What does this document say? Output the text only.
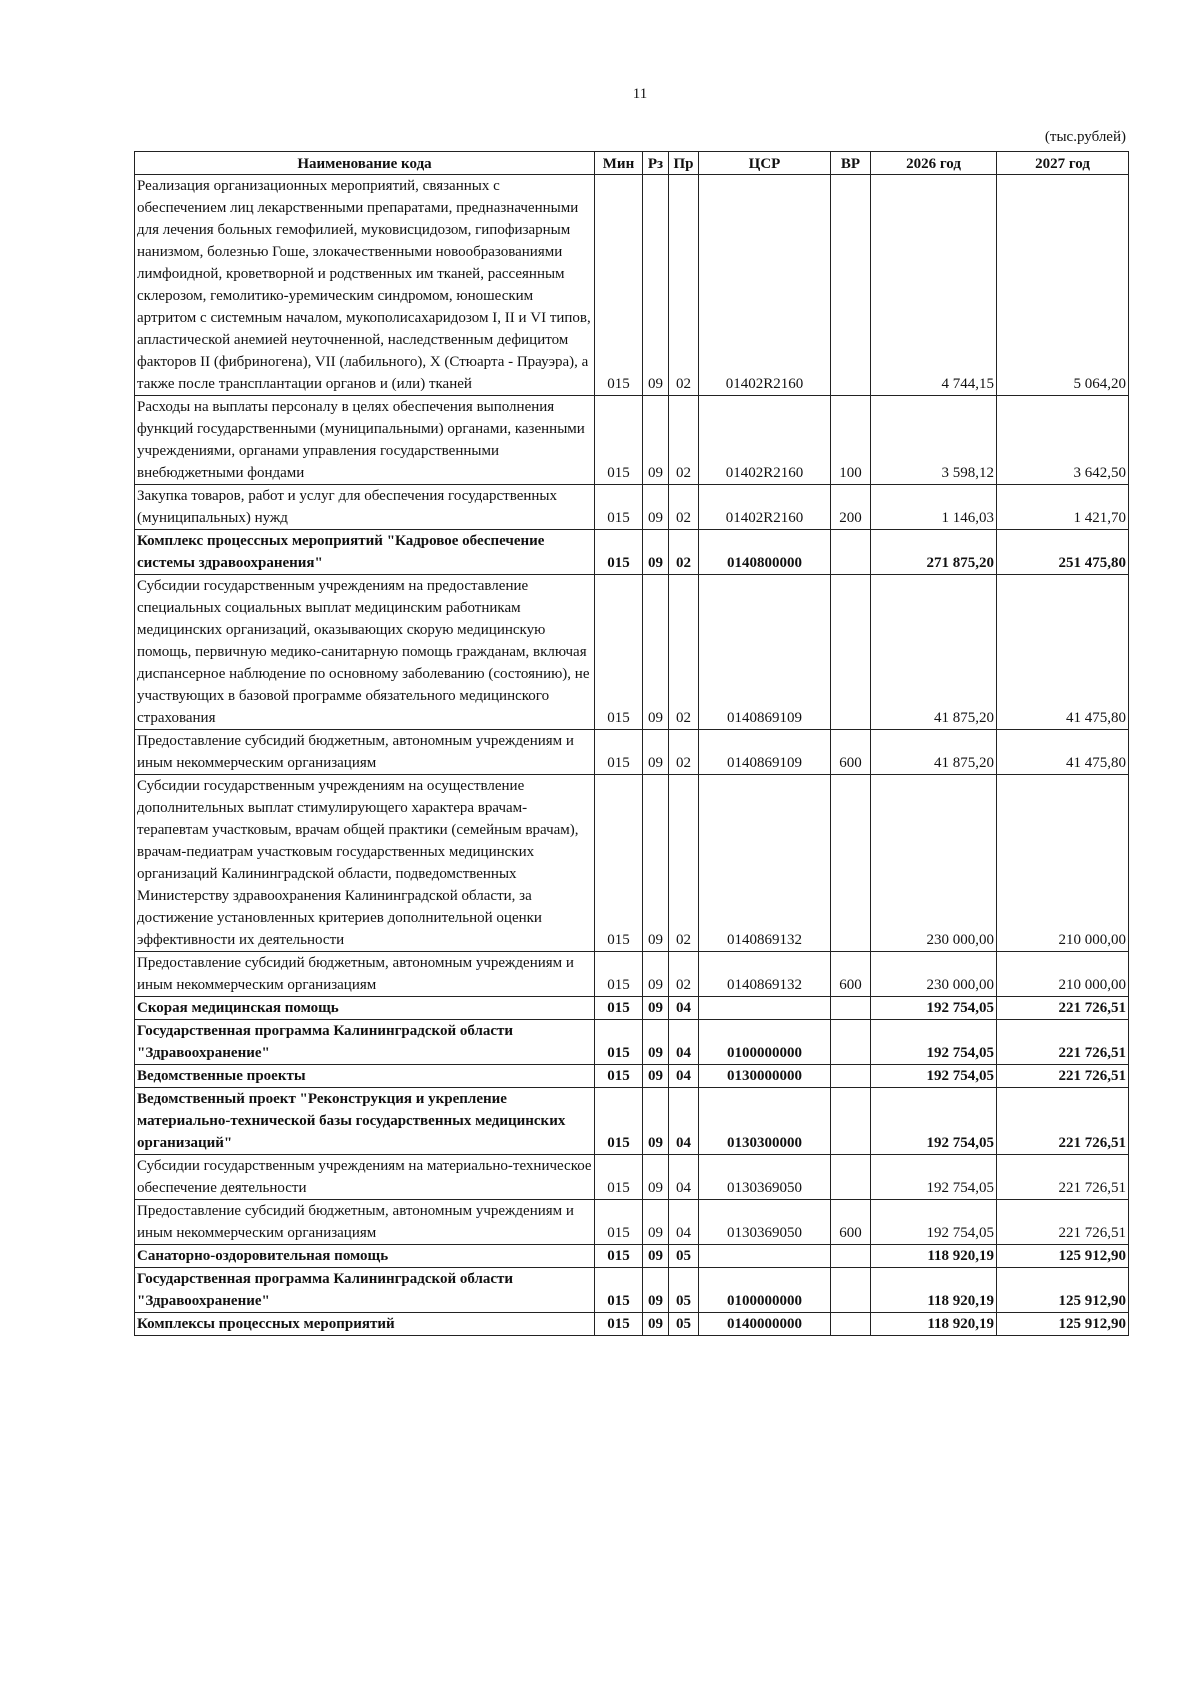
11
(тыс.рублей)
Наименование кода	Мин	Рз	Пр	ЦСР	ВР	2026 год	2027 год
Реализация организационных мероприятий, связанных с обеспечением лиц лекарственными препаратами, предназначенными для лечения больных гемофилией, муковисцидозом, гипофизарным нанизмом, болезнью Гоше, злокачественными новообразованиями лимфоидной, кроветворной и родственных им тканей, рассеянным склерозом, гемолитико-уремическим синдромом, юношеским артритом с системным началом, мукополисахаридозом I, II и VI типов, апластической анемией неуточненной, наследственным дефицитом факторов II (фибриногена), VII (лабильного), X (Стюарта - Прауэра), а также после трансплантации органов и (или) тканей	015	09	02	01402R2160		4 744,15	5 064,20
Расходы на выплаты персоналу в целях обеспечения выполнения функций государственными (муниципальными) органами, казенными учреждениями, органами управления государственными внебюджетными фондами	015	09	02	01402R2160	100	3 598,12	3 642,50
Закупка товаров, работ и услуг для обеспечения государственных (муниципальных) нужд	015	09	02	01402R2160	200	1 146,03	1 421,70
Комплекс процессных мероприятий "Кадровое обеспечение системы здравоохранения"	015	09	02	0140800000		271 875,20	251 475,80
Субсидии государственным учреждениям на предоставление специальных социальных выплат медицинским работникам медицинских организаций, оказывающих скорую медицинскую помощь, первичную медико-санитарную помощь гражданам, включая диспансерное наблюдение по основному заболеванию (состоянию), не участвующих в базовой программе обязательного медицинского страхования	015	09	02	0140869109		41 875,20	41 475,80
Предоставление субсидий бюджетным, автономным учреждениям и иным некоммерческим организациям	015	09	02	0140869109	600	41 875,20	41 475,80
Субсидии государственным учреждениям на осуществление дополнительных выплат стимулирующего характера врачам-терапевтам участковым, врачам общей практики (семейным врачам), врачам-педиатрам участковым государственных медицинских организаций Калининградской области, подведомственных Министерству здравоохранения Калининградской области, за достижение установленных критериев дополнительной оценки эффективности их деятельности	015	09	02	0140869132		230 000,00	210 000,00
Предоставление субсидий бюджетным, автономным учреждениям и иным некоммерческим организациям	015	09	02	0140869132	600	230 000,00	210 000,00
Скорая медицинская помощь	015	09	04			192 754,05	221 726,51
Государственная программа Калининградской области "Здравоохранение"	015	09	04	0100000000		192 754,05	221 726,51
Ведомственные проекты	015	09	04	0130000000		192 754,05	221 726,51
Ведомственный проект "Реконструкция и укрепление материально-технической базы государственных медицинских организаций"	015	09	04	0130300000		192 754,05	221 726,51
Субсидии государственным учреждениям на материально-техническое обеспечение деятельности	015	09	04	0130369050		192 754,05	221 726,51
Предоставление субсидий бюджетным, автономным учреждениям и иным некоммерческим организациям	015	09	04	0130369050	600	192 754,05	221 726,51
Санаторно-оздоровительная помощь	015	09	05			118 920,19	125 912,90
Государственная программа Калининградской области "Здравоохранение"	015	09	05	0100000000		118 920,19	125 912,90
Комплексы процессных мероприятий	015	09	05	0140000000		118 920,19	125 912,90
